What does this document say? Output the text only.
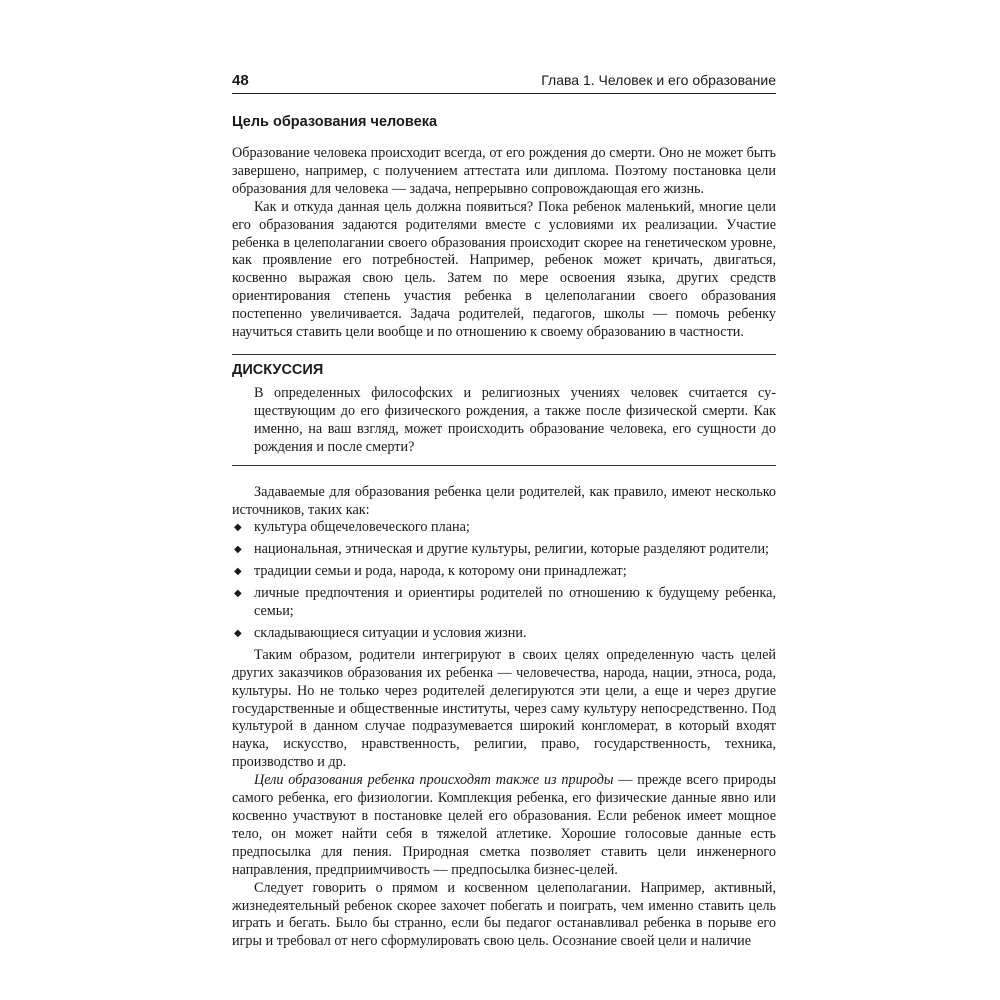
48	Глава 1. Человек и его образование
Цель образования человека

Образование человека происходит всегда, от его рождения до смерти. Оно не может быть завершено, например, с получением аттестата или диплома. Поэтому постановка цели образования для человека — задача, непрерывно сопровождающая его жизнь.

Как и откуда данная цель должна появиться? Пока ребенок маленький, многие цели его образования задаются родителями вместе с условиями их реализации. Участие ребенка в целеполагании своего образования происходит скорее на генетическом уровне, как проявление его потребностей. Например, ребенок может кричать, двигаться, косвенно выражая свою цель. Затем по мере освоения языка, других средств ориентирования степень участия ребенка в целеполагании своего образования постепенно увеличивается. Задача родителей, педагогов, школы — помочь ребенку научиться ставить цели вообще и по отношению к своему образованию в частности.

ДИСКУССИЯ

В определенных философских и религиозных учениях человек считается существующим до его физического рождения, а также после физической смерти. Как именно, на ваш взгляд, может происходить образование человека, его сущности до рождения и после смерти?

Задаваемые для образования ребенка цели родителей, как правило, имеют несколько источников, таких как:

◆ культура общечеловеческого плана;
◆ национальная, этническая и другие культуры, религии, которые разделяют родители;
◆ традиции семьи и рода, народа, к которому они принадлежат;
◆ личные предпочтения и ориентиры родителей по отношению к будущему ребенка, семьи;
◆ складывающиеся ситуации и условия жизни.

Таким образом, родители интегрируют в своих целях определенную часть целей других заказчиков образования их ребенка — человечества, народа, нации, этноса, рода, культуры. Но не только через родителей делегируются эти цели, а еще и через другие государственные и общественные институты, через саму культуру непосредственно. Под культурой в данном случае подразумевается широкий конгломерат, в который входят наука, искусство, нравственность, религии, право, государственность, техника, производство и др.

Цели образования ребенка происходят также из природы — прежде всего природы самого ребенка, его физиологии. Комплекция ребенка, его физические данные явно или косвенно участвуют в постановке целей его образования. Если ребенок имеет мощное тело, он может найти себя в тяжелой атлетике. Хорошие голосовые данные есть предпосылка для пения. Природная сметка позволяет ставить цели инженерного направления, предприимчивость — предпосылка бизнес-целей.

Следует говорить о прямом и косвенном целеполагании. Например, активный, жизнедеятельный ребенок скорее захочет побегать и поиграть, чем именно ставить цель играть и бегать. Было бы странно, если бы педагог останавливал ребенка в порыве его игры и требовал от него сформулировать свою цель. Осознание своей цели и наличие
